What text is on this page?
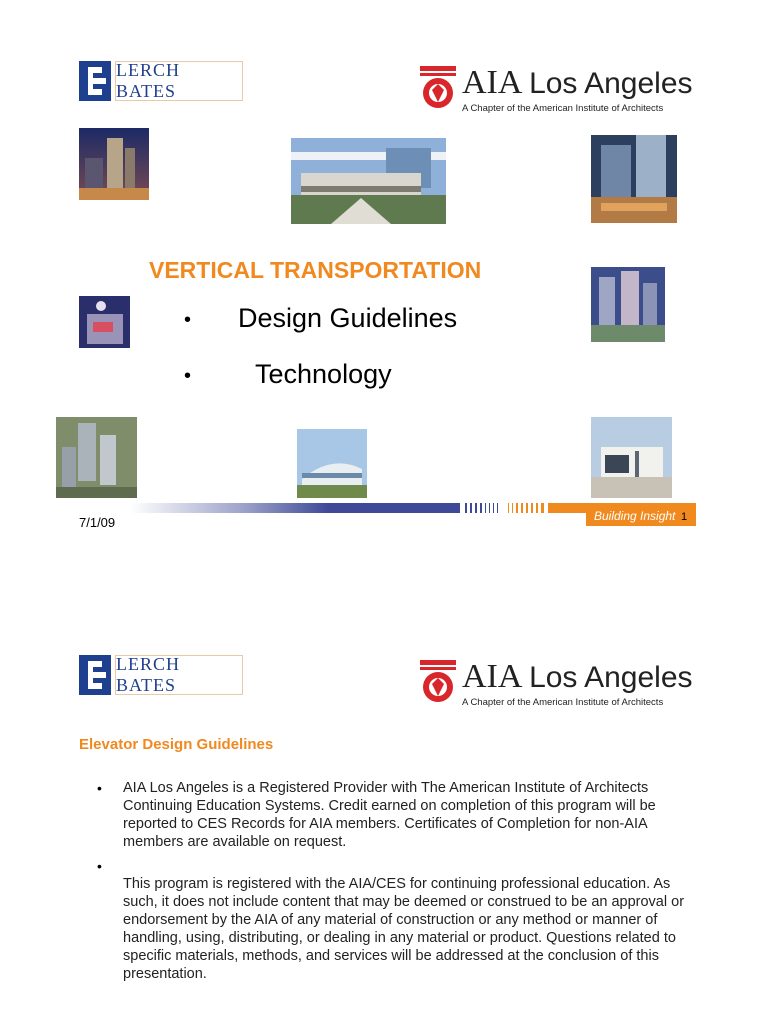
LERCH BATES	AIA Los Angeles
A Chapter of the American Institute of Architects
VERTICAL TRANSPORTATION
• Design Guidelines
• Technology
Building Insight 1
7/1/09
LERCH BATES	AIA Los Angeles
A Chapter of the American Institute of Architects
Elevator Design Guidelines
• AIA Los Angeles is a Registered Provider with The American Institute of Architects Continuing Education Systems. Credit earned on completion of this program will be reported to CES Records for AIA members. Certificates of Completion for non-AIA members are available on request.
•
This program is registered with the AIA/CES for continuing professional education. As such, it does not include content that may be deemed or construed to be an approval or endorsement by the AIA of any material of construction or any method or manner of handling, using, distributing, or dealing in any material or product. Questions related to specific materials, methods, and services will be addressed at the conclusion of this presentation.
